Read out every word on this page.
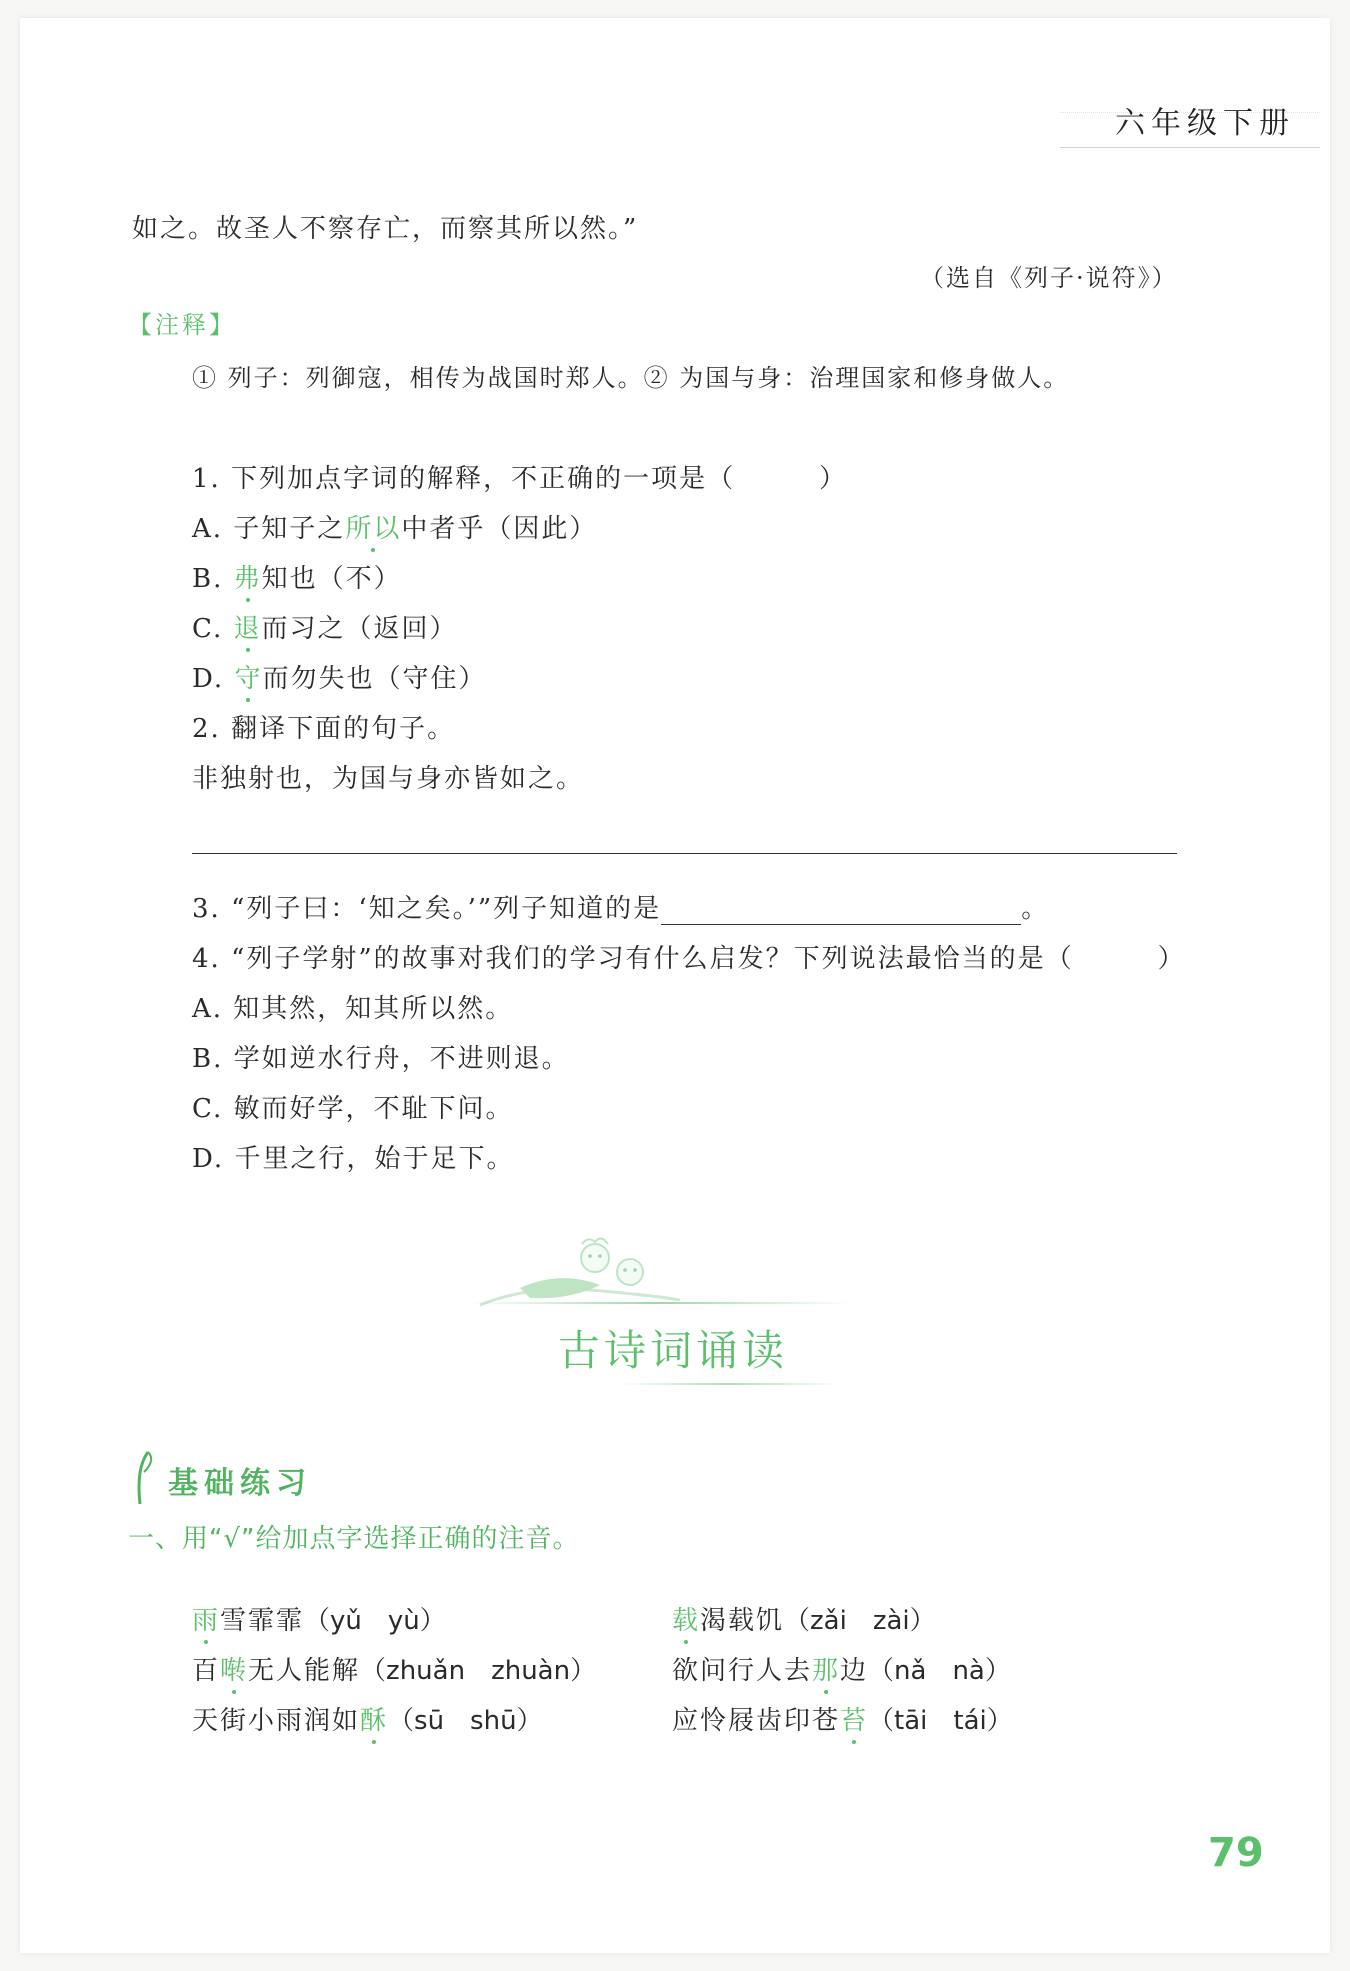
六年级下册
如之。故圣人不察存亡，而察其所以然。”
（选自《列子·说符》）
【注释】
① 列子：列御寇，相传为战国时郑人。② 为国与身：治理国家和修身做人。
1. 下列加点字词的解释，不正确的一项是（　　　）
A. 子知子之所以中者乎（因此）
B. 弗知也（不）
C. 退而习之（返回）
D. 守而勿失也（守住）
2. 翻译下面的句子。
非独射也，为国与身亦皆如之。
3. “列子曰：‘知之矣。’”列子知道的是	。
4. “列子学射”的故事对我们的学习有什么启发？下列说法最恰当的是（　　　）
A. 知其然，知其所以然。
B. 学如逆水行舟，不进则退。
C. 敏而好学，不耻下问。
D. 千里之行，始于足下。
古诗词诵读
基础练习
一、用“√”给加点字选择正确的注音。
雨雪霏霏（yǔ　yù）	载渴载饥（zǎi　zài）
百啭无人能解（zhuǎn　zhuàn）	欲问行人去那边（nǎ　nà）
天街小雨润如酥（sū　shū）	应怜屐齿印苍苔（tāi　tái）
79
